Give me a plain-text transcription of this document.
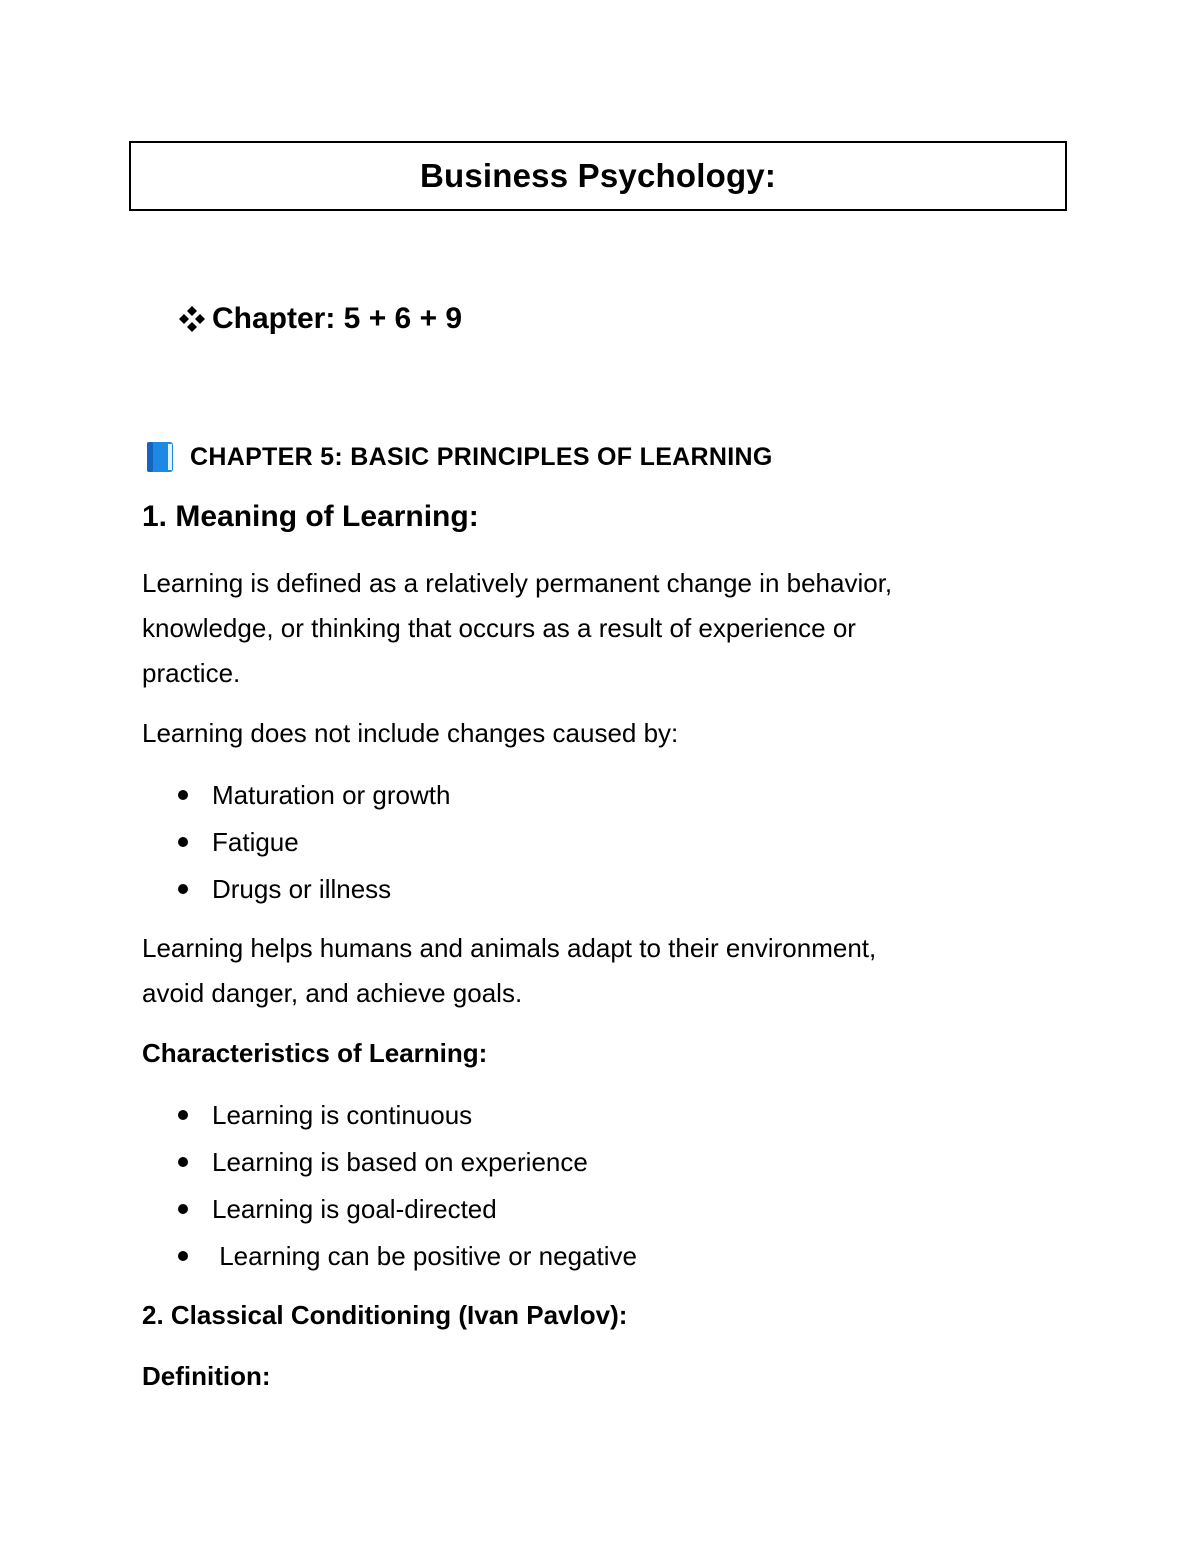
Business Psychology:
Chapter: 5 + 6 + 9
CHAPTER 5: BASIC PRINCIPLES OF LEARNING
1. Meaning of Learning:
Learning is defined as a relatively permanent change in behavior,
knowledge, or thinking that occurs as a result of experience or
practice.
Learning does not include changes caused by:
Maturation or growth
Fatigue
Drugs or illness
Learning helps humans and animals adapt to their environment,
avoid danger, and achieve goals.
Characteristics of Learning:
Learning is continuous
Learning is based on experience
Learning is goal-directed
Learning can be positive or negative
2. Classical Conditioning (Ivan Pavlov):
Definition:
